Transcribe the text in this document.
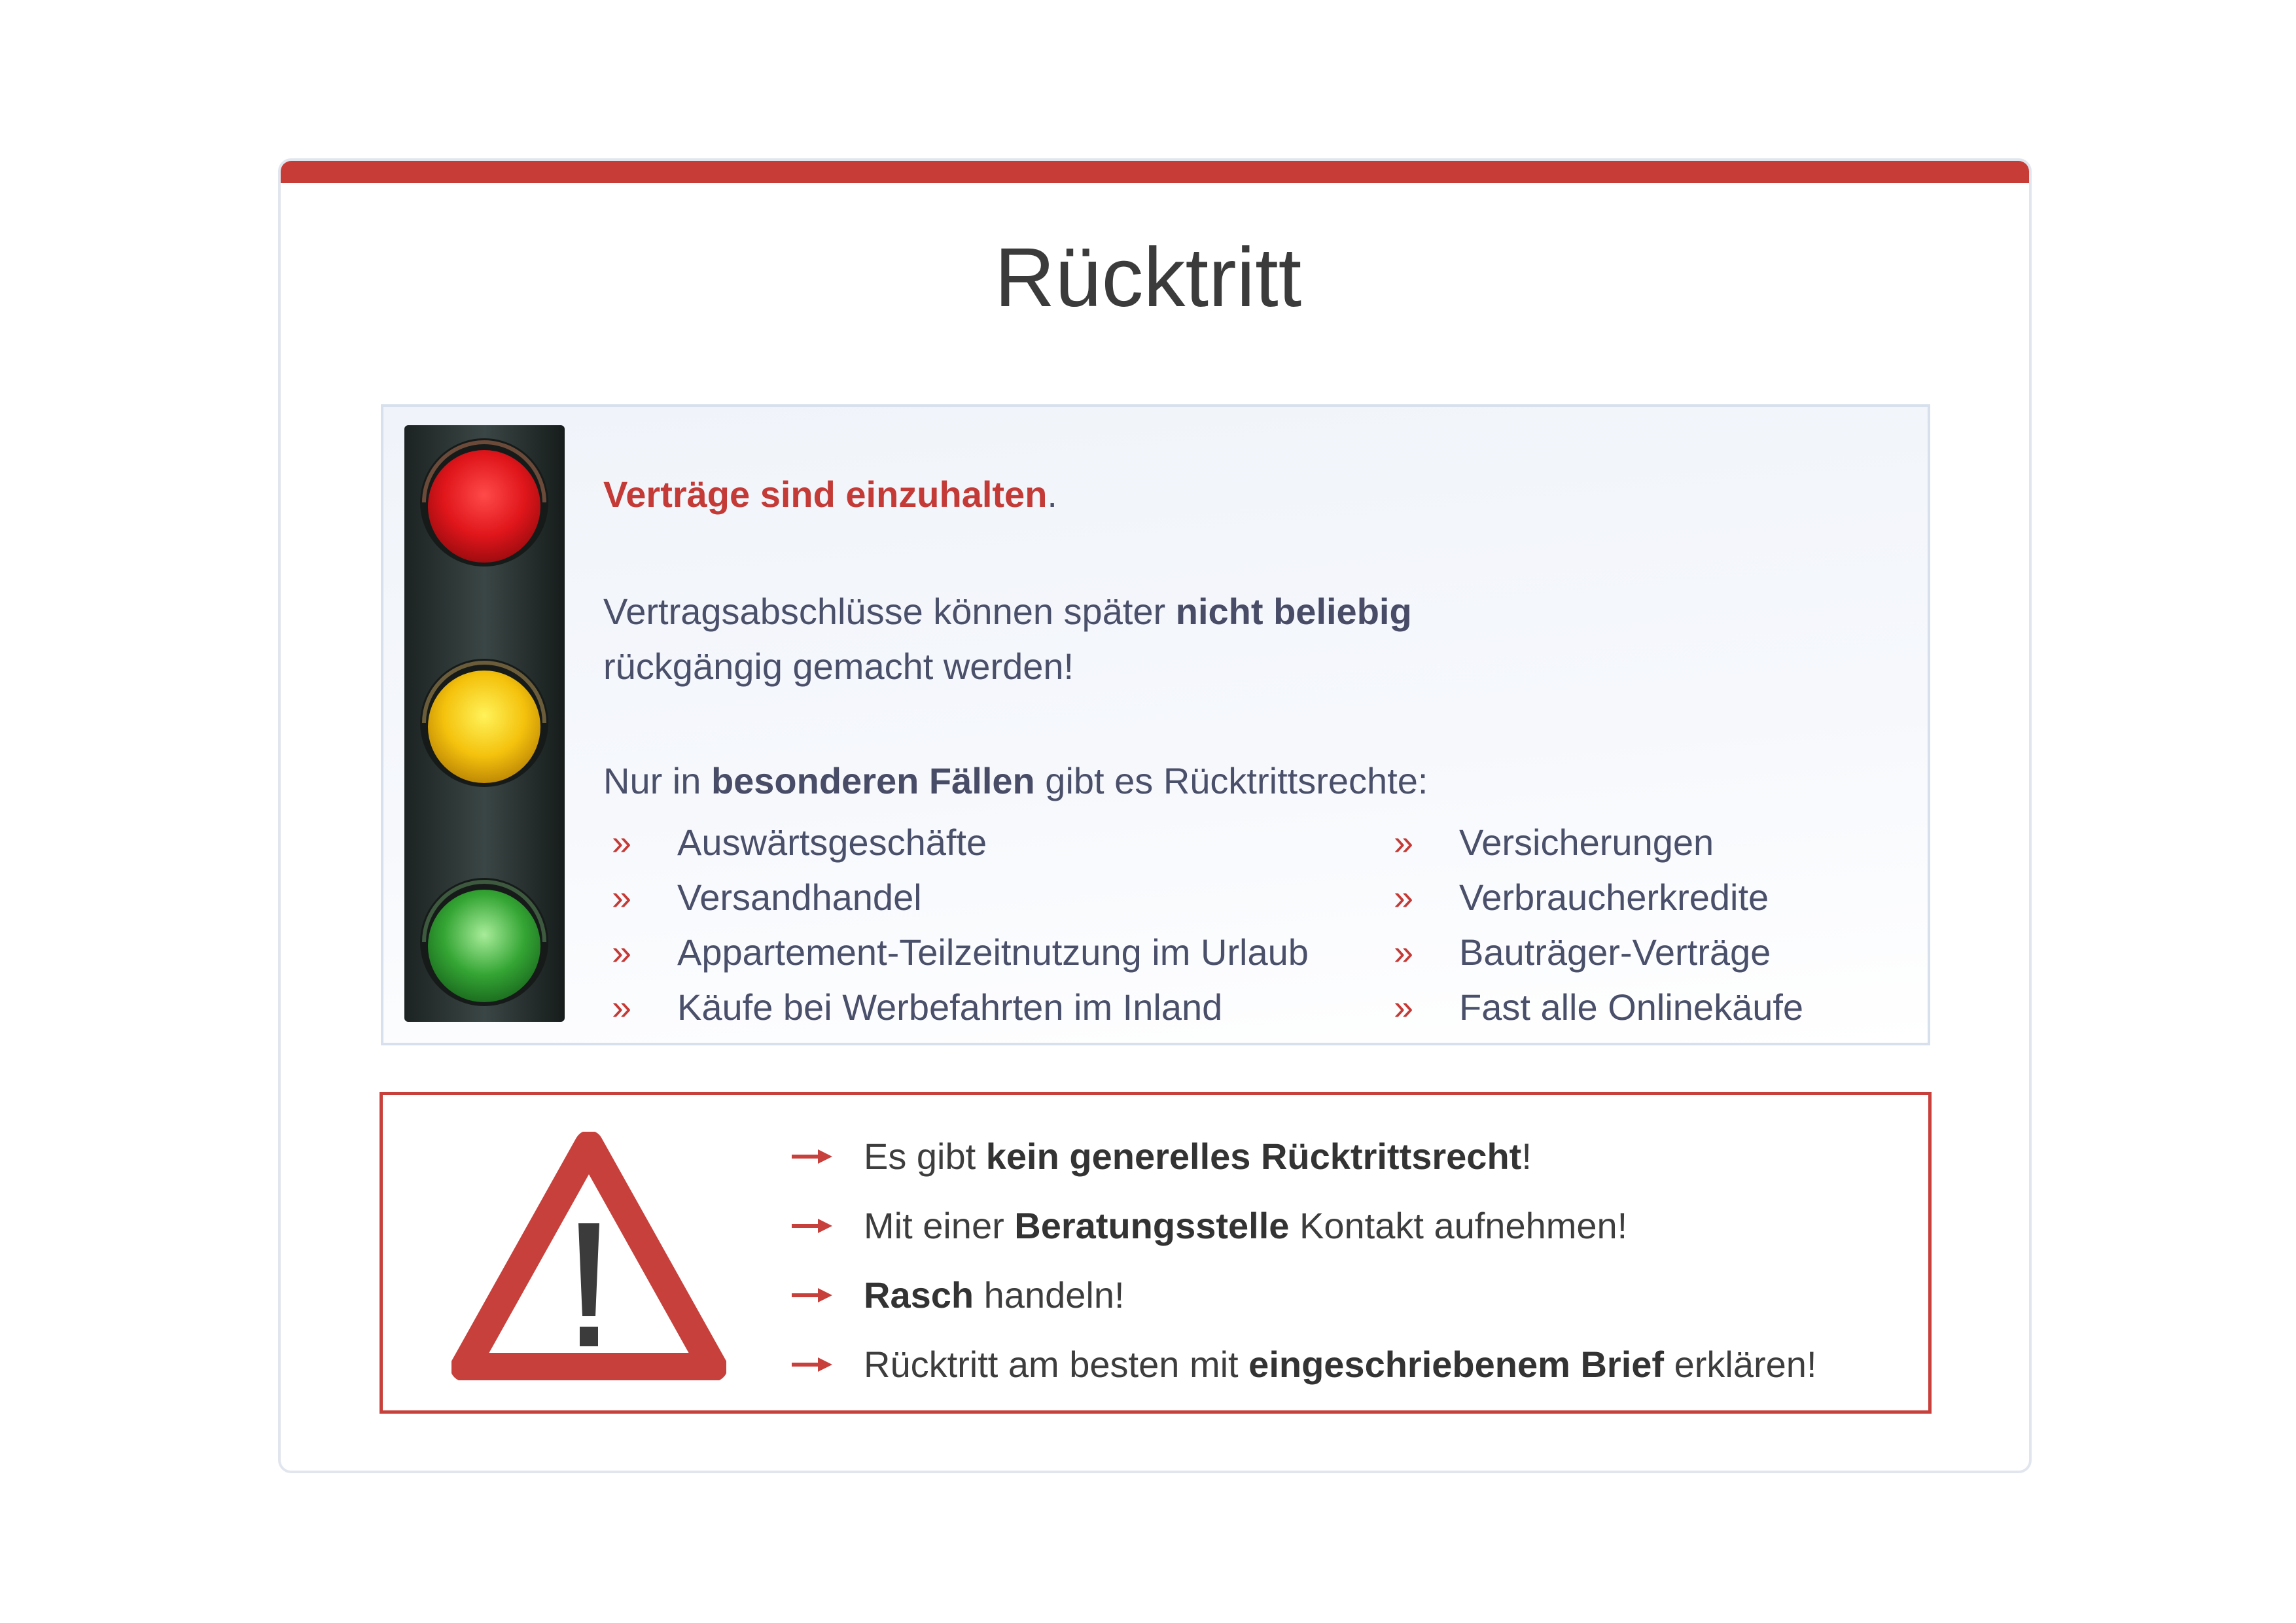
Rücktritt
Verträge sind einzuhalten.
Vertragsabschlüsse können später nicht beliebig
rückgängig gemacht werden!
Nur in besonderen Fällen gibt es Rücktrittsrechte:
» Auswärtsgeschäfte
» Versandhandel
» Appartement-Teilzeitnutzung im Urlaub
» Käufe bei Werbefahrten im Inland
» Versicherungen
» Verbraucherkredite
» Bauträger-Verträge
» Fast alle Onlinekäufe
Es gibt kein generelles Rücktrittsrecht!
Mit einer Beratungsstelle Kontakt aufnehmen!
Rasch handeln!
Rücktritt am besten mit eingeschriebenem Brief erklären!
